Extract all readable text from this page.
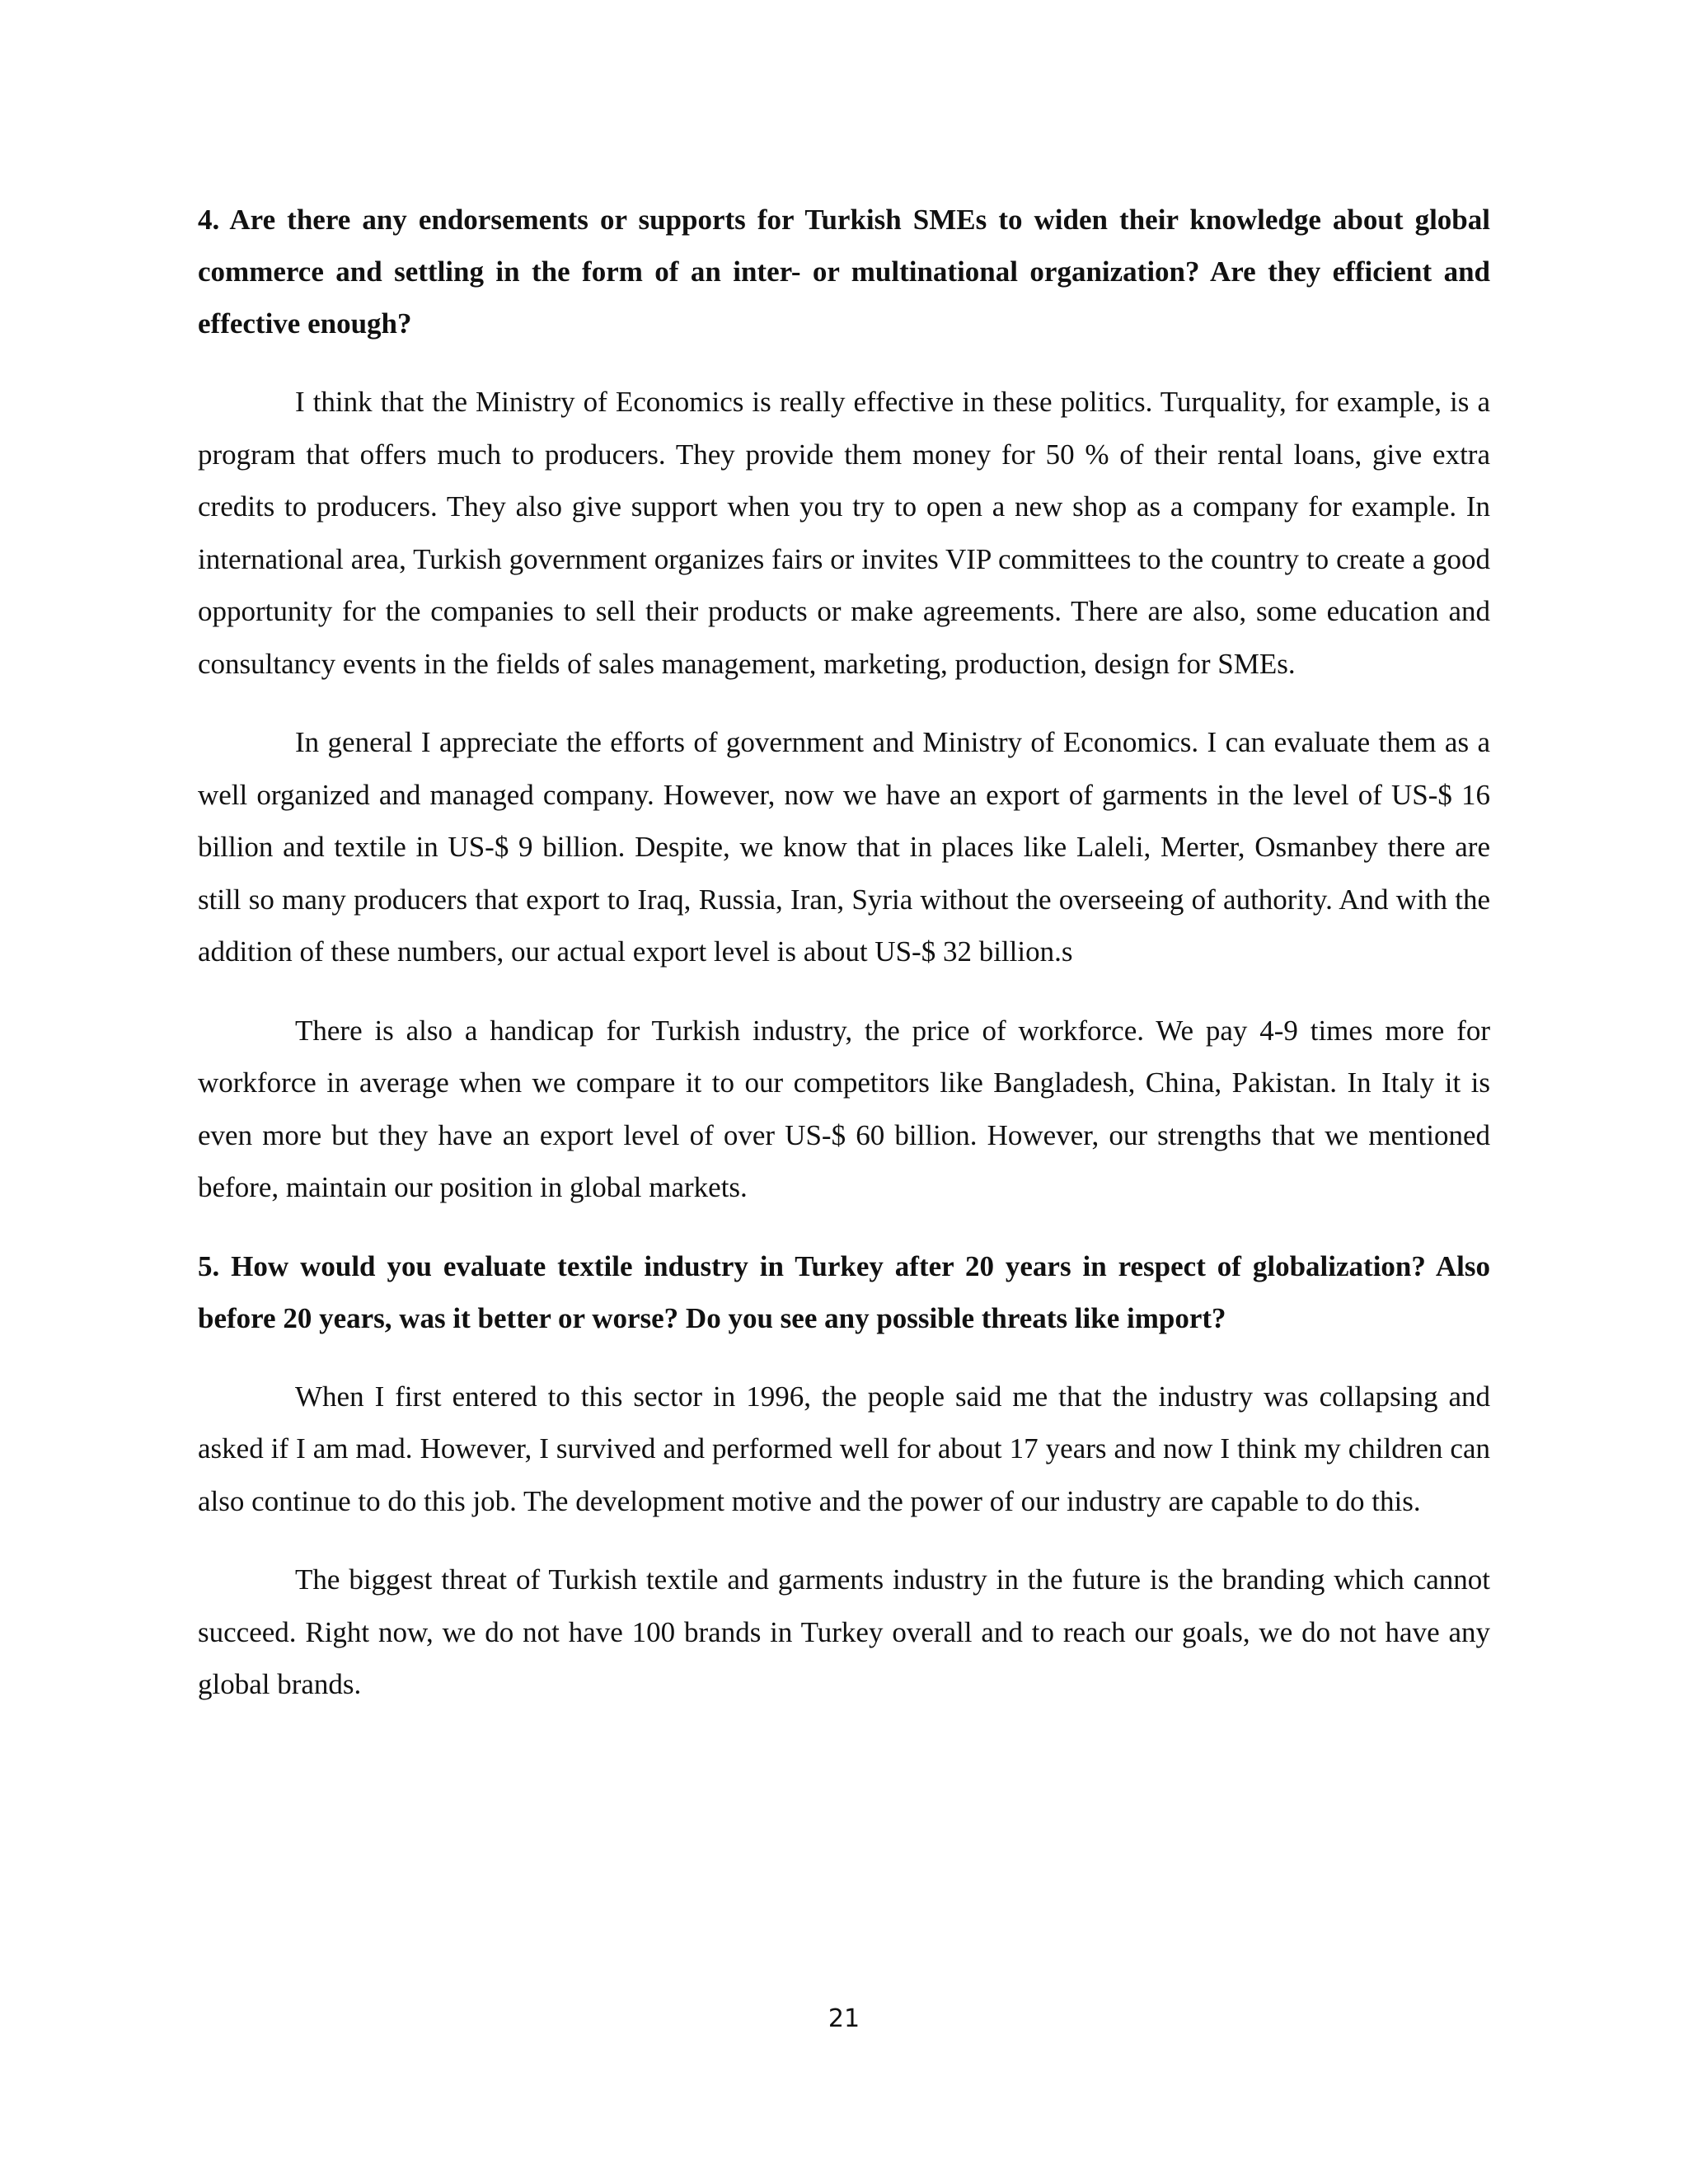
4. Are there any endorsements or supports for Turkish SMEs to widen their knowledge about global commerce and settling in the form of an inter- or multinational organization? Are they efficient and effective enough?

I think that the Ministry of Economics is really effective in these politics. Turquality, for example, is a program that offers much to producers. They provide them money for 50 % of their rental loans, give extra credits to producers. They also give support when you try to open a new shop as a company for example. In international area, Turkish government organizes fairs or invites VIP committees to the country to create a good opportunity for the companies to sell their products or make agreements. There are also, some education and consultancy events in the fields of sales management, marketing, production, design for SMEs.

In general I appreciate the efforts of government and Ministry of Economics. I can evaluate them as a well organized and managed company. However, now we have an export of garments in the level of US-$ 16 billion and textile in US-$ 9 billion. Despite, we know that in places like Laleli, Merter, Osmanbey there are still so many producers that export to Iraq, Russia, Iran, Syria without the overseeing of authority. And with the addition of these numbers, our actual export level is about US-$ 32 billion.s

There is also a handicap for Turkish industry, the price of workforce. We pay 4-9 times more for workforce in average when we compare it to our competitors like Bangladesh, China, Pakistan. In Italy it is even more but they have an export level of over US-$ 60 billion. However, our strengths that we mentioned before, maintain our position in global markets.

5. How would you evaluate textile industry in Turkey after 20 years in respect of globalization? Also before 20 years, was it better or worse? Do you see any possible threats like import?

When I first entered to this sector in 1996, the people said me that the industry was collapsing and asked if I am mad. However, I survived and performed well for about 17 years and now I think my children can also continue to do this job. The development motive and the power of our industry are capable to do this.

The biggest threat of Turkish textile and garments industry in the future is the branding which cannot succeed. Right now, we do not have 100 brands in Turkey overall and to reach our goals, we do not have any global brands.

21
